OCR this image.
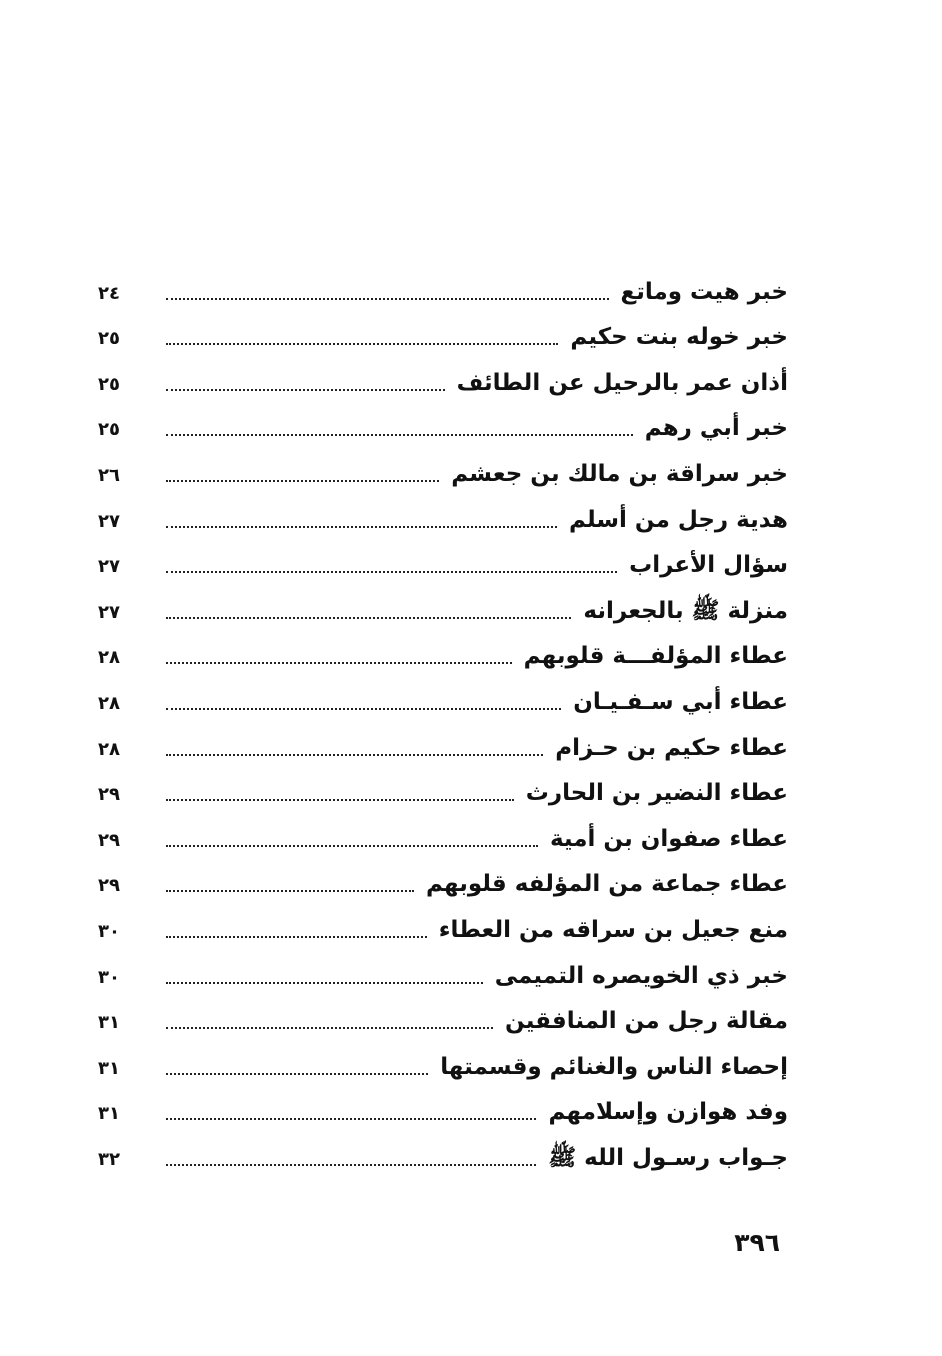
خبر هيت وماتع
٢٤
خبر خوله بنت حكيم
٢٥
أذان عمر بالرحيل عن الطائف
٢٥
خبر أبي رهم
٢٥
خبر سراقة بن مالك بن جعشم
٢٦
هدية رجل من أسلم
٢٧
سؤال الأعراب
٢٧
منزلة ﷺ بالجعرانه
٢٧
عطاء المؤلفـــة قلوبهم
٢٨
عطاء أبي سـفـيـان
٢٨
عطاء حكيم بن حـزام
٢٨
عطاء النضير بن الحارث
٢٩
عطاء صفوان بن أمية
٢٩
عطاء جماعة من المؤلفه قلوبهم
٢٩
منع جعيل بن سراقه من العطاء
٣٠
خبر ذي الخويصره التميمى
٣٠
مقالة رجل من المنافقين
٣١
إحصاء الناس والغنائم وقسمتها
٣١
وفد هوازن وإسلامهم
٣١
جـواب رسـول الله ﷺ
٣٢
٣٩٦
